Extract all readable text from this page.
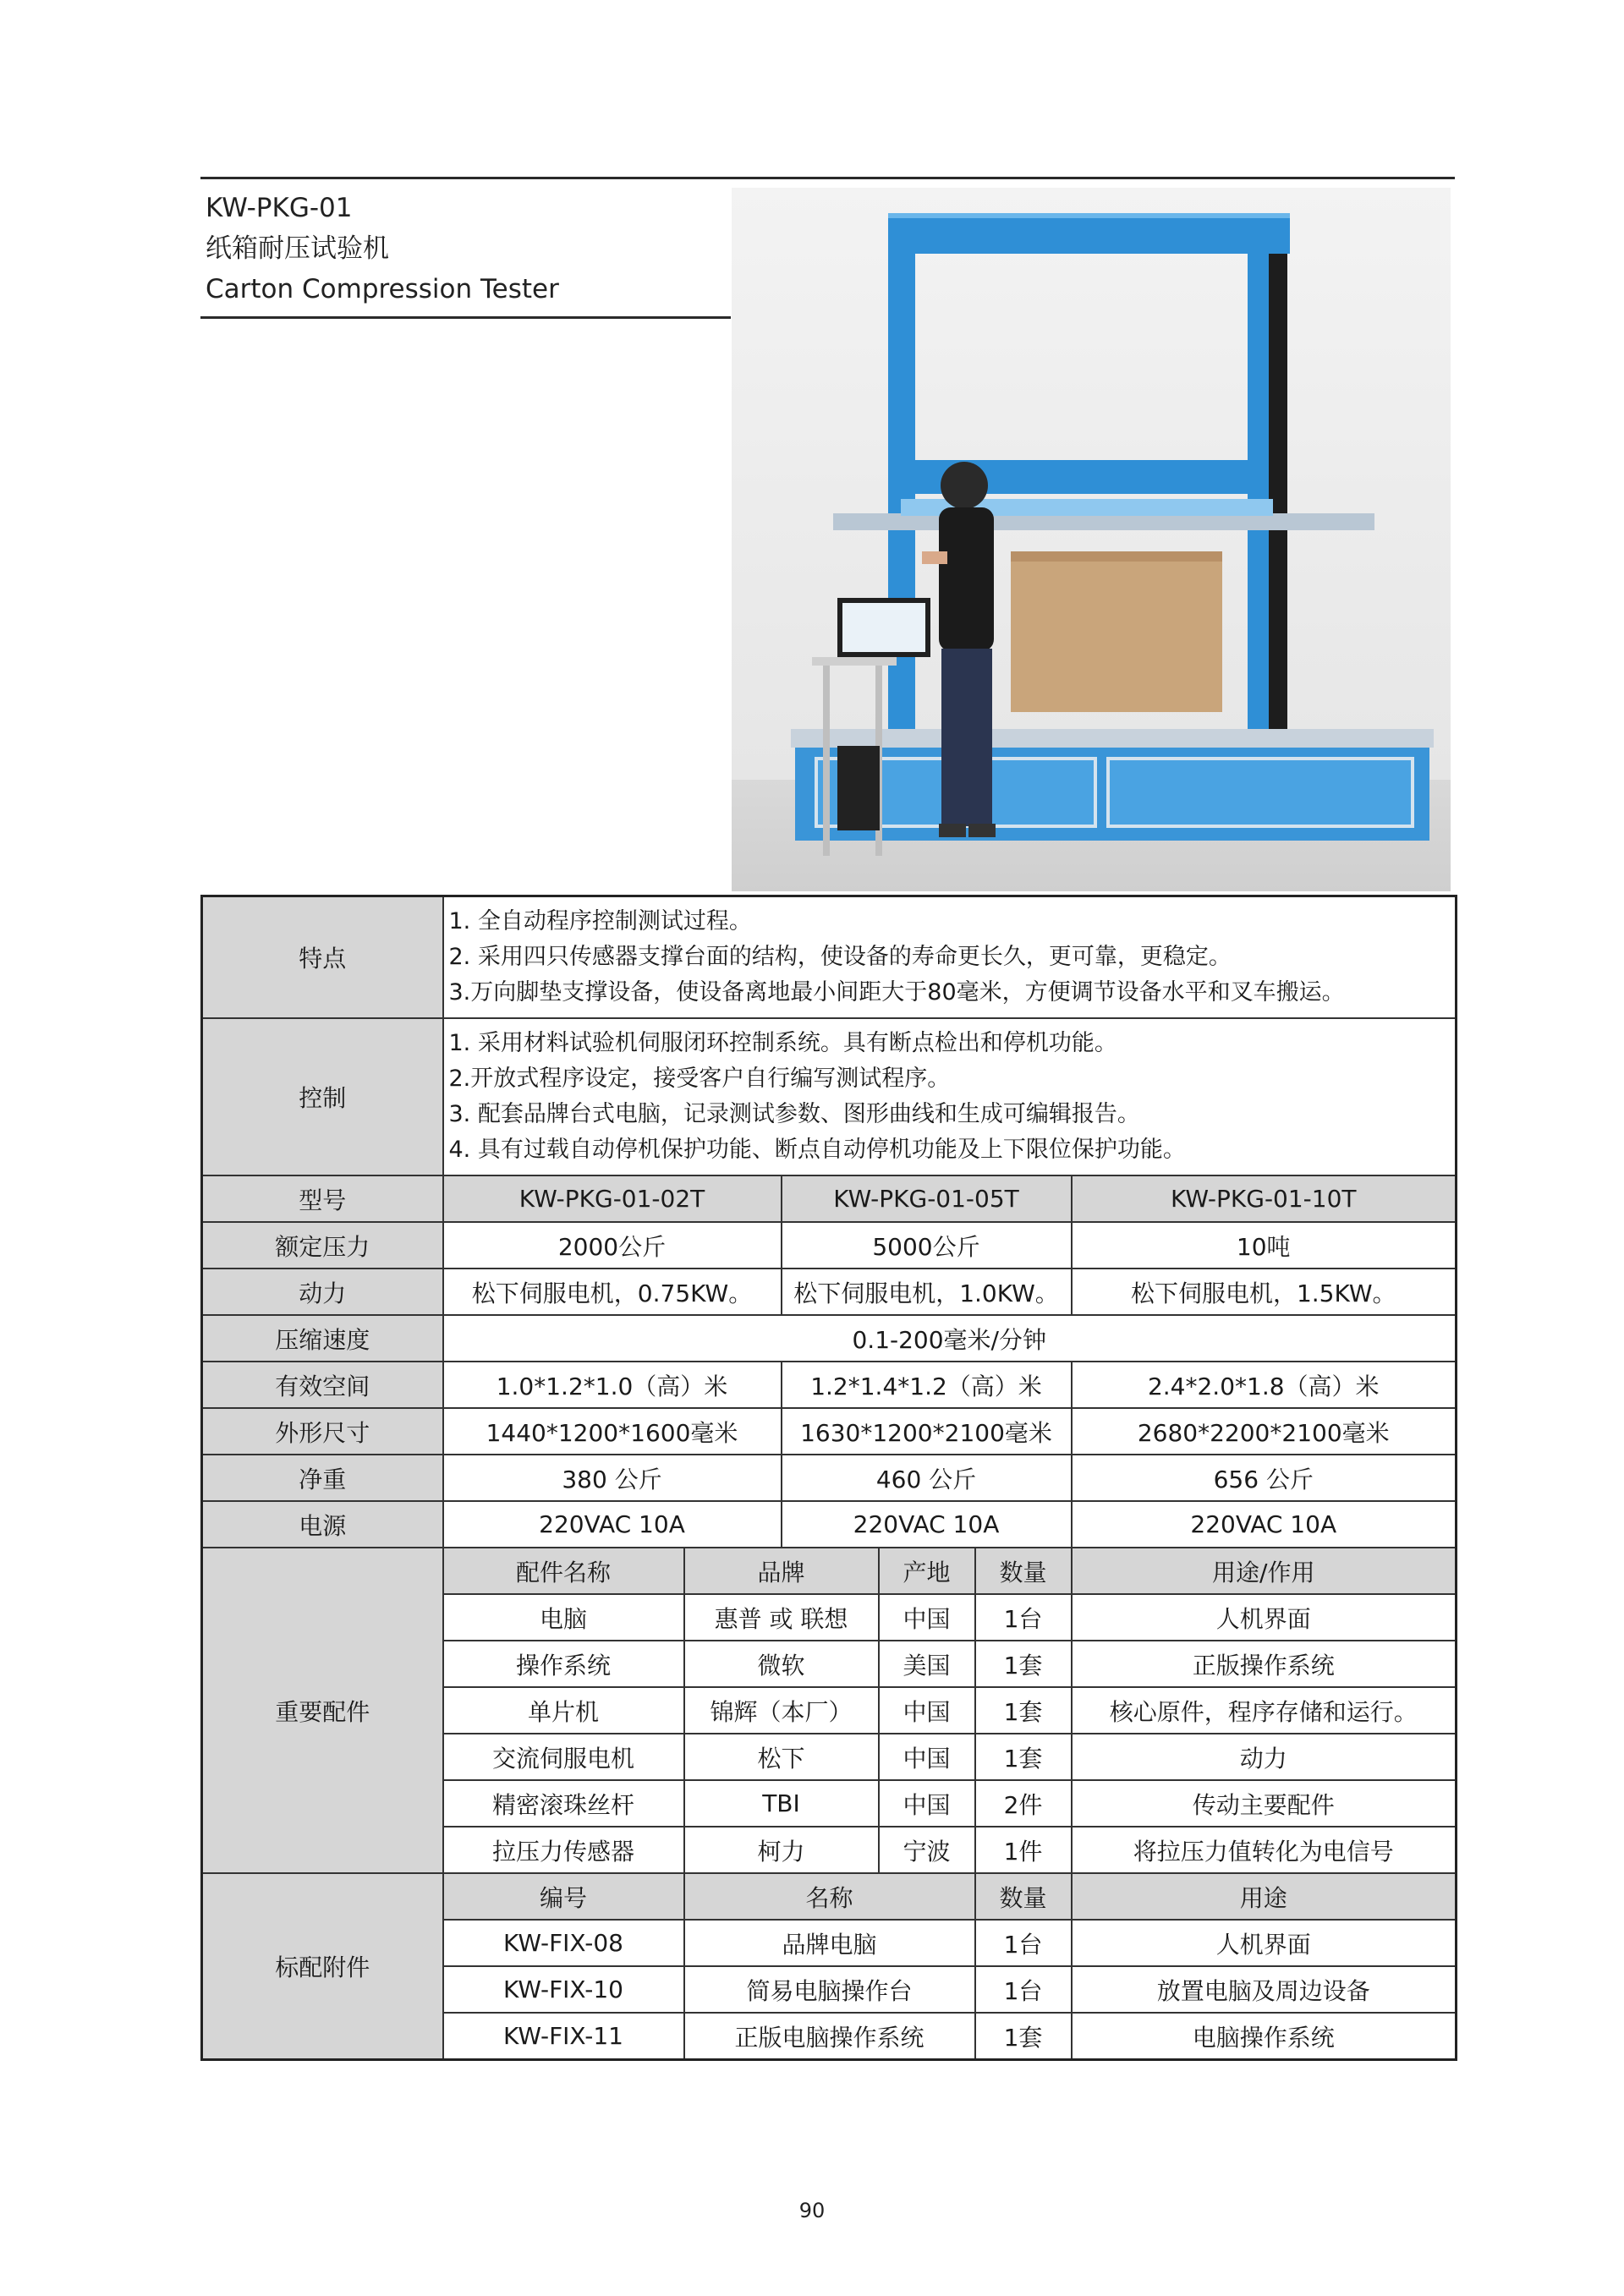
KW-PKG-01
纸箱耐压试验机
Carton Compression Tester
特点	1. 全自动程序控制测试过程。
2. 采用四只传感器支撑台面的结构，使设备的寿命更长久，更可靠，更稳定。
3.万向脚垫支撑设备，使设备离地最小间距大于80毫米，方便调节设备水平和叉车搬运。					

控制	1. 采用材料试验机伺服闭环控制系统。具有断点检出和停机功能。
2.开放式程序设定，接受客户自行编写测试程序。
3. 配套品牌台式电脑，记录测试参数、图形曲线和生成可编辑报告。
4. 具有过载自动停机保护功能、断点自动停机功能及上下限位保护功能。					

型号	KW-PKG-01-02T		KW-PKG-01-05T			KW-PKG-01-10T
额定压力	2000公斤		5000公斤			10吨
动力	松下伺服电机，0.75KW。		松下伺服电机，1.0KW。			松下伺服电机，1.5KW。
压缩速度	0.1-200毫米/分钟					
有效空间	1.0*1.2*1.0（高）米		1.2*1.4*1.2（高）米			2.4*2.0*1.8（高）米
外形尺寸	1440*1200*1600毫米		1630*1200*2100毫米			2680*2200*2100毫米
净重	380 公斤		460 公斤			656 公斤
电源	220VAC 10A		220VAC 10A			220VAC 10A
重要配件	配件名称	品牌		产地	数量	用途/作用
	电脑	惠普 或 联想		中国	1台	人机界面
	操作系统	微软		美国	1套	正版操作系统
	单片机	锦辉（本厂）		中国	1套	核心原件，程序存储和运行。
	交流伺服电机	松下		中国	1套	动力
	精密滚珠丝杆	TBI		中国	2件	传动主要配件
	拉压力传感器	柯力		宁波	1件	将拉压力值转化为电信号
标配附件	编号	名称			数量	用途
	KW-FIX-08	品牌电脑			1台	人机界面
	KW-FIX-10	简易电脑操作台			1台	放置电脑及周边设备
	KW-FIX-11	正版电脑操作系统			1套	电脑操作系统
90
